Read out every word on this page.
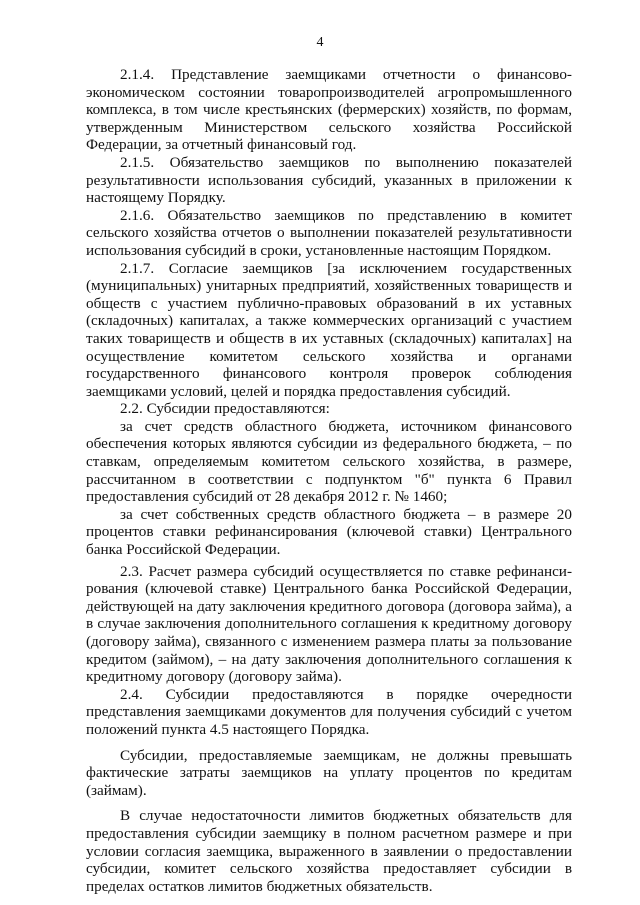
4

2.1.4. Представление заемщиками отчетности о финансово-экономическом состоянии товаропроизводителей агропромышленного комплекса, в том числе крестьянских (фермерских) хозяйств, по формам, утвержденным Министерством сельского хозяйства Российской Федерации, за отчетный финансовый год.

2.1.5. Обязательство заемщиков по выполнению показателей результативности использования субсидий, указанных в приложении к настоящему Порядку.

2.1.6. Обязательство заемщиков по представлению в комитет сельского хозяйства отчетов о выполнении показателей результативности использования субсидий в сроки, установленные настоящим Порядком.

2.1.7. Согласие заемщиков [за исключением государственных (муниципальных) унитарных предприятий, хозяйственных товариществ и обществ с участием публично-правовых образований в их уставных (складочных) капиталах, а также коммерческих организаций с участием таких товариществ и обществ в их уставных (складочных) капиталах] на осуществление комитетом сельского хозяйства и органами государственного финансового контроля проверок соблюдения заемщиками условий, целей и порядка предоставления субсидий.

2.2. Субсидии предоставляются:

за счет средств областного бюджета, источником финансового обеспечения которых являются субсидии из федерального бюджета, – по ставкам, определяемым комитетом сельского хозяйства, в размере, рассчитанном в соответствии с подпунктом "б" пункта 6 Правил предоставления субсидий от 28 декабря 2012 г. № 1460;

за счет собственных средств областного бюджета – в размере 20 процентов ставки рефинансирования (ключевой ставки) Центрального банка Российской Федерации.

2.3. Расчет размера субсидий осуществляется по ставке рефинансирования (ключевой ставке) Центрального банка Российской Федерации, действующей на дату заключения кредитного договора (договора займа), а в случае заключения дополнительного соглашения к кредитному договору (договору займа), связанного с изменением размера платы за пользование кредитом (займом), – на дату заключения дополнительного соглашения к кредитному договору (договору займа).

2.4. Субсидии предоставляются в порядке очередности представления заемщиками документов для получения субсидий с учетом положений пункта 4.5 настоящего Порядка.

Субсидии, предоставляемые заемщикам, не должны превышать фактические затраты заемщиков на уплату процентов по кредитам (займам).

В случае недостаточности лимитов бюджетных обязательств для предоставления субсидии заемщику в полном расчетном размере и при условии согласия заемщика, выраженного в заявлении о предоставлении субсидии, комитет сельского хозяйства предоставляет субсидии в пределах остатков лимитов бюджетных обязательств.
